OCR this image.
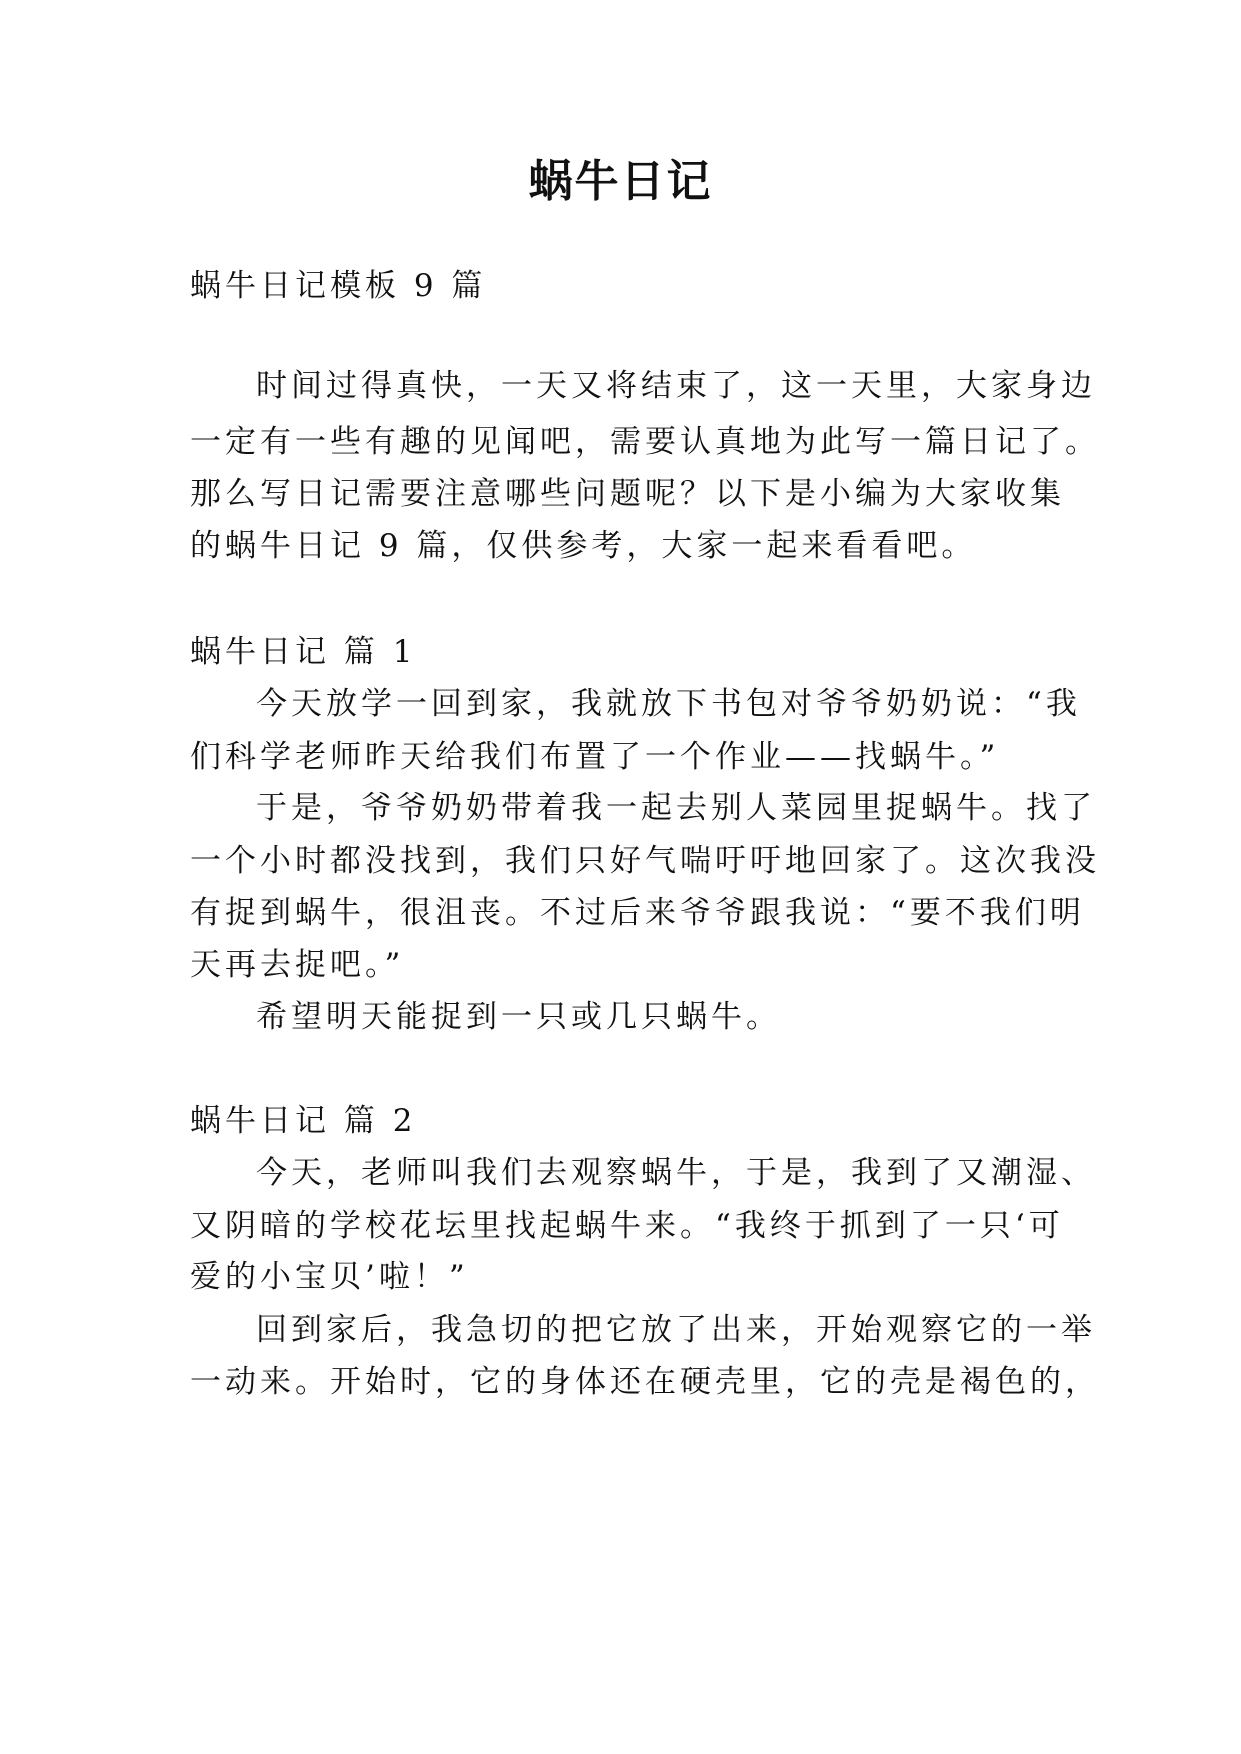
蜗牛日记
蜗牛日记模板 9 篇
时间过得真快，一天又将结束了，这一天里，大家身边
一定有一些有趣的见闻吧，需要认真地为此写一篇日记了。
那么写日记需要注意哪些问题呢？以下是小编为大家收集
的蜗牛日记 9 篇，仅供参考，大家一起来看看吧。
蜗牛日记 篇 1
今天放学一回到家，我就放下书包对爷爷奶奶说：“我
们科学老师昨天给我们布置了一个作业——找蜗牛。”
于是，爷爷奶奶带着我一起去别人菜园里捉蜗牛。找了
一个小时都没找到，我们只好气喘吁吁地回家了。这次我没
有捉到蜗牛，很沮丧。不过后来爷爷跟我说：“要不我们明
天再去捉吧。”
希望明天能捉到一只或几只蜗牛。
蜗牛日记 篇 2
今天，老师叫我们去观察蜗牛，于是，我到了又潮湿、
又阴暗的学校花坛里找起蜗牛来。“我终于抓到了一只‘可
爱的小宝贝’啦！”
回到家后，我急切的把它放了出来，开始观察它的一举
一动来。开始时，它的身体还在硬壳里，它的壳是褐色的，
